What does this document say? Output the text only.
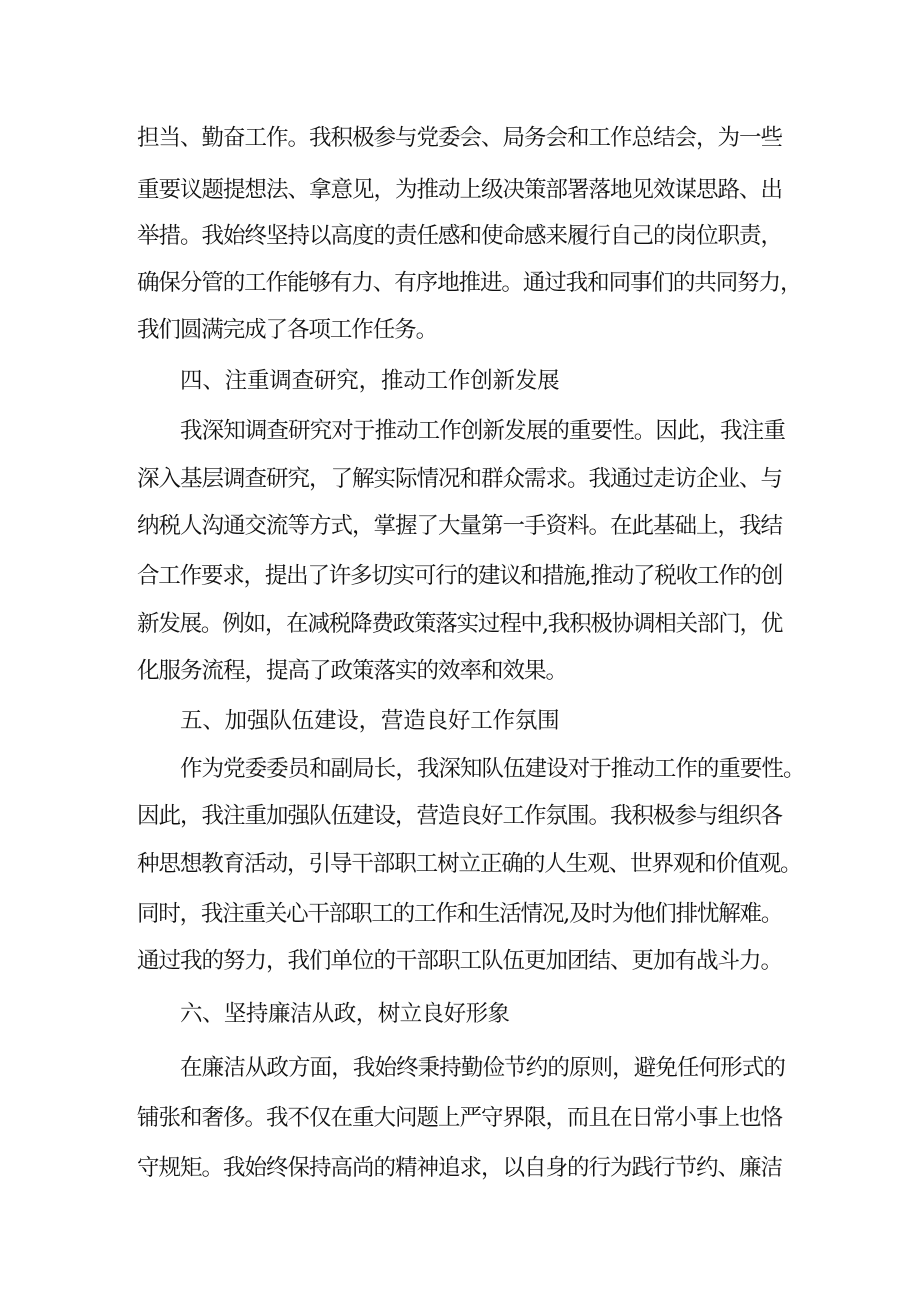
担当、勤奋工作。我积极参与党委会、局务会和工作总结会，为一些
重要议题提想法、拿意见，为推动上级决策部署落地见效谋思路、出
举措。我始终坚持以高度的责任感和使命感来履行自己的岗位职责，
确保分管的工作能够有力、有序地推进。通过我和同事们的共同努力，
我们圆满完成了各项工作任务。
四、注重调查研究，推动工作创新发展
我深知调查研究对于推动工作创新发展的重要性。因此，我注重
深入基层调查研究，了解实际情况和群众需求。我通过走访企业、与
纳税人沟通交流等方式，掌握了大量第一手资料。在此基础上，我结
合工作要求，提出了许多切实可行的建议和措施,推动了税收工作的创
新发展。例如，在减税降费政策落实过程中,我积极协调相关部门，优
化服务流程，提高了政策落实的效率和效果。
五、加强队伍建设，营造良好工作氛围
作为党委委员和副局长，我深知队伍建设对于推动工作的重要性。
因此，我注重加强队伍建设，营造良好工作氛围。我积极参与组织各
种思想教育活动，引导干部职工树立正确的人生观、世界观和价值观。
同时，我注重关心干部职工的工作和生活情况,及时为他们排忧解难。
通过我的努力，我们单位的干部职工队伍更加团结、更加有战斗力。
六、坚持廉洁从政，树立良好形象
在廉洁从政方面，我始终秉持勤俭节约的原则，避免任何形式的
铺张和奢侈。我不仅在重大问题上严守界限，而且在日常小事上也恪
守规矩。我始终保持高尚的精神追求，以自身的行为践行节约、廉洁
